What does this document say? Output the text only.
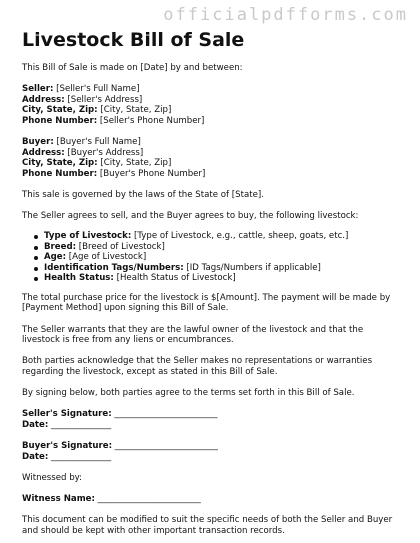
officialpdfforms.com
Livestock Bill of Sale

This Bill of Sale is made on [Date] by and between:

Seller: [Seller's Full Name]

Address: [Seller's Address]

City, State, Zip: [City, State, Zip]

Phone Number: [Seller's Phone Number]

Buyer: [Buyer's Full Name]

Address: [Buyer's Address]

City, State, Zip: [City, State, Zip]

Phone Number: [Buyer's Phone Number]

This sale is governed by the laws of the State of [State].

The Seller agrees to sell, and the Buyer agrees to buy, the following livestock:

Type of Livestock: [Type of Livestock, e.g., cattle, sheep, goats, etc.]
Breed: [Breed of Livestock]
Age: [Age of Livestock]
Identification Tags/Numbers: [ID Tags/Numbers if applicable]
Health Status: [Health Status of Livestock]

The total purchase price for the livestock is $[Amount]. The payment will be made by [Payment Method] upon signing this Bill of Sale.

The Seller warrants that they are the lawful owner of the livestock and that the livestock is free from any liens or encumbrances.

Both parties acknowledge that the Seller makes no representations or warranties regarding the livestock, except as stated in this Bill of Sale.

By signing below, both parties agree to the terms set forth in this Bill of Sale.

Seller's Signature: ________________________

Date: ______________

Buyer's Signature: ________________________

Date: ______________

Witnessed by:

Witness Name: ________________________

This document can be modified to suit the specific needs of both the Seller and Buyer and should be kept with other important transaction records.
